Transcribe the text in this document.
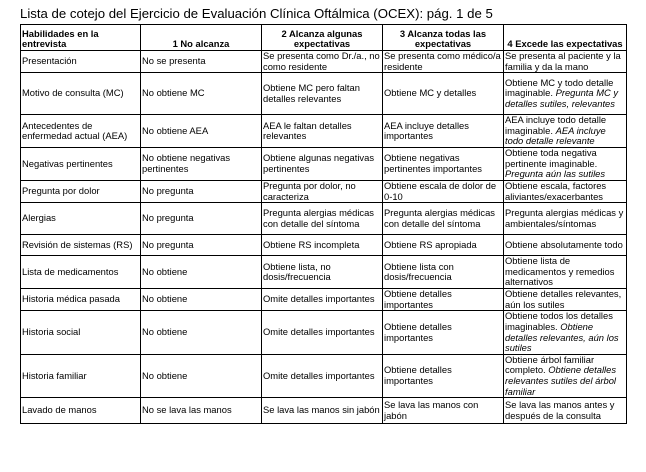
Lista de cotejo del Ejercicio de Evaluación Clínica Oftálmica (OCEX): pág. 1 de 5
Habilidades en la entrevista	1 No alcanza	2 Alcanza algunas expectativas	3 Alcanza todas las expectativas	4 Excede las expectativas
Presentación	No se presenta	Se presenta como Dr./a., no como residente	Se presenta como médico/a residente	Se presenta al paciente y la familia y da la mano
Motivo de consulta (MC)	No obtiene MC	Obtiene MC pero faltan detalles relevantes	Obtiene MC y detalles	Obtiene MC y todo detalle imaginable. Pregunta MC y detalles sutiles, relevantes
Antecedentes de enfermedad actual (AEA)	No obtiene AEA	AEA le faltan detalles relevantes	AEA incluye detalles importantes	AEA incluye todo detalle imaginable. AEA incluye todo detalle relevante
Negativas pertinentes	No obtiene negativas pertinentes	Obtiene algunas negativas pertinentes	Obtiene negativas pertinentes importantes	Obtiene toda negativa pertinente imaginable. Pregunta aún las sutiles
Pregunta por dolor	No pregunta	Pregunta por dolor, no caracteriza	Obtiene escala de dolor de 0-10	Obtiene escala, factores aliviantes/exacerbantes
Alergias	No pregunta	Pregunta alergias médicas con detalle del síntoma	Pregunta alergias médicas con detalle del síntoma	Pregunta alergias médicas y ambientales/síntomas
Revisión de sistemas (RS)	No pregunta	Obtiene RS incompleta	Obtiene RS apropiada	Obtiene absolutamente todo
Lista de medicamentos	No obtiene	Obtiene lista, no dosis/frecuencia	Obtiene lista con dosis/frecuencia	Obtiene lista de medicamentos y remedios alternativos
Historia médica pasada	No obtiene	Omite detalles importantes	Obtiene detalles importantes	Obtiene detalles relevantes, aún los sutiles
Historia social	No obtiene	Omite detalles importantes	Obtiene detalles importantes	Obtiene todos los detalles imaginables. Obtiene detalles relevantes, aún los sutiles
Historia familiar	No obtiene	Omite detalles importantes	Obtiene detalles importantes	Obtiene árbol familiar completo. Obtiene detalles relevantes sutiles del árbol familiar
Lavado de manos	No se lava las manos	Se lava las manos sin jabón	Se lava las manos con jabón	Se lava las manos antes y después de la consulta
